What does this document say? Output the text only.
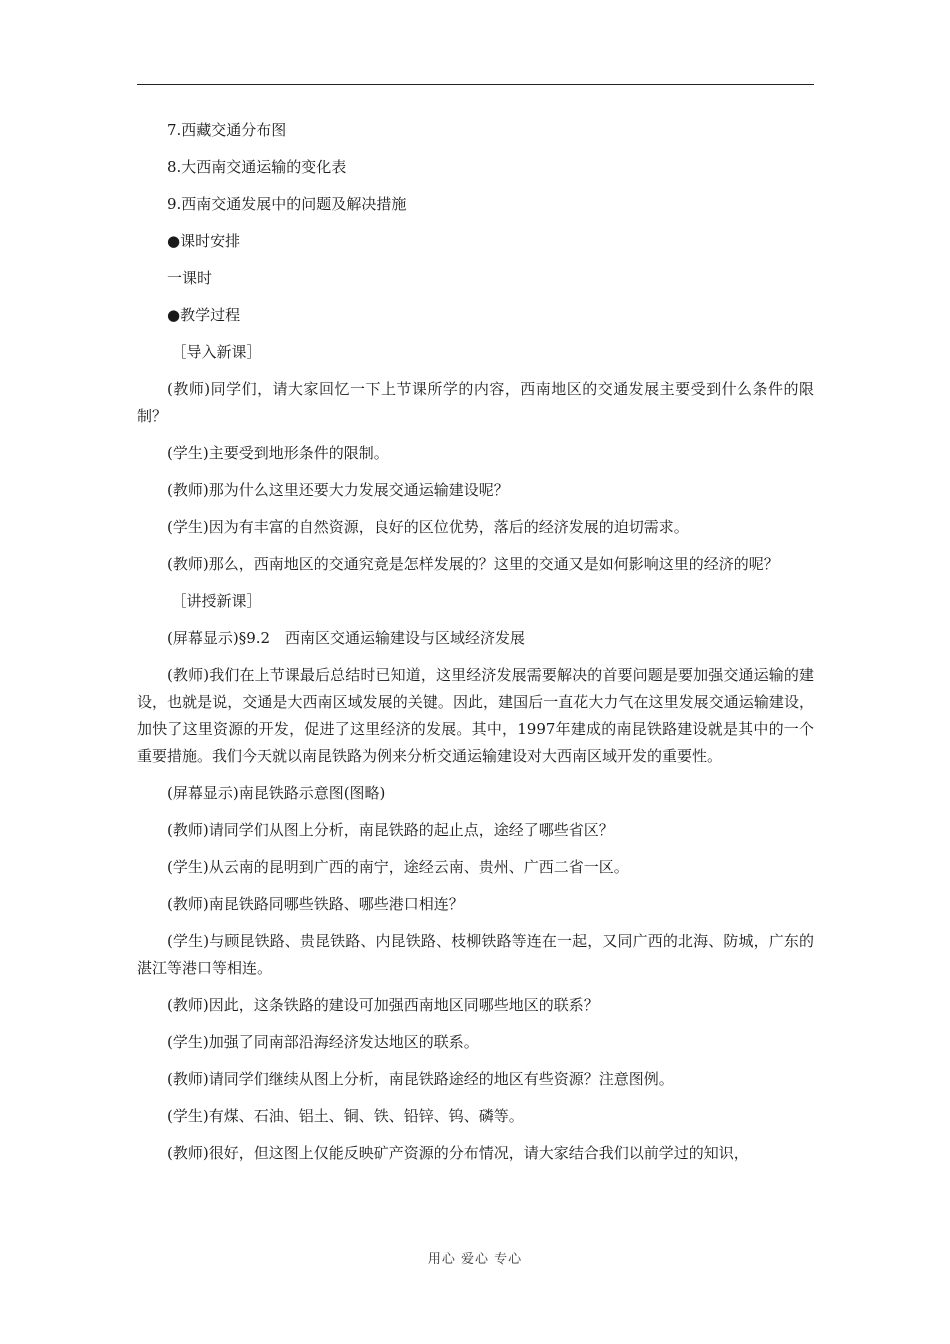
7.西藏交通分布图

8.大西南交通运输的变化表

9.西南交通发展中的问题及解决措施

●课时安排

一课时

●教学过程

［导入新课］

(教师)同学们，请大家回忆一下上节课所学的内容，西南地区的交通发展主要受到什么条件的限制？

(学生)主要受到地形条件的限制。

(教师)那为什么这里还要大力发展交通运输建设呢？

(学生)因为有丰富的自然资源，良好的区位优势，落后的经济发展的迫切需求。

(教师)那么，西南地区的交通究竟是怎样发展的？这里的交通又是如何影响这里的经济的呢？

［讲授新课］

(屏幕显示)§9.2　西南区交通运输建设与区域经济发展

(教师)我们在上节课最后总结时已知道，这里经济发展需要解决的首要问题是要加强交通运输的建设，也就是说，交通是大西南区域发展的关键。因此，建国后一直花大力气在这里发展交通运输建设，加快了这里资源的开发，促进了这里经济的发展。其中，1997年建成的南昆铁路建设就是其中的一个重要措施。我们今天就以南昆铁路为例来分析交通运输建设对大西南区域开发的重要性。

(屏幕显示)南昆铁路示意图(图略)

(教师)请同学们从图上分析，南昆铁路的起止点，途经了哪些省区？

(学生)从云南的昆明到广西的南宁，途经云南、贵州、广西二省一区。

(教师)南昆铁路同哪些铁路、哪些港口相连？

(学生)与顾昆铁路、贵昆铁路、内昆铁路、枝柳铁路等连在一起，又同广西的北海、防城，广东的湛江等港口等相连。

(教师)因此，这条铁路的建设可加强西南地区同哪些地区的联系？

(学生)加强了同南部沿海经济发达地区的联系。

(教师)请同学们继续从图上分析，南昆铁路途经的地区有些资源？注意图例。

(学生)有煤、石油、铝土、铜、铁、铅锌、钨、磷等。

(教师)很好，但这图上仅能反映矿产资源的分布情况，请大家结合我们以前学过的知识，

用心 爱心 专心
